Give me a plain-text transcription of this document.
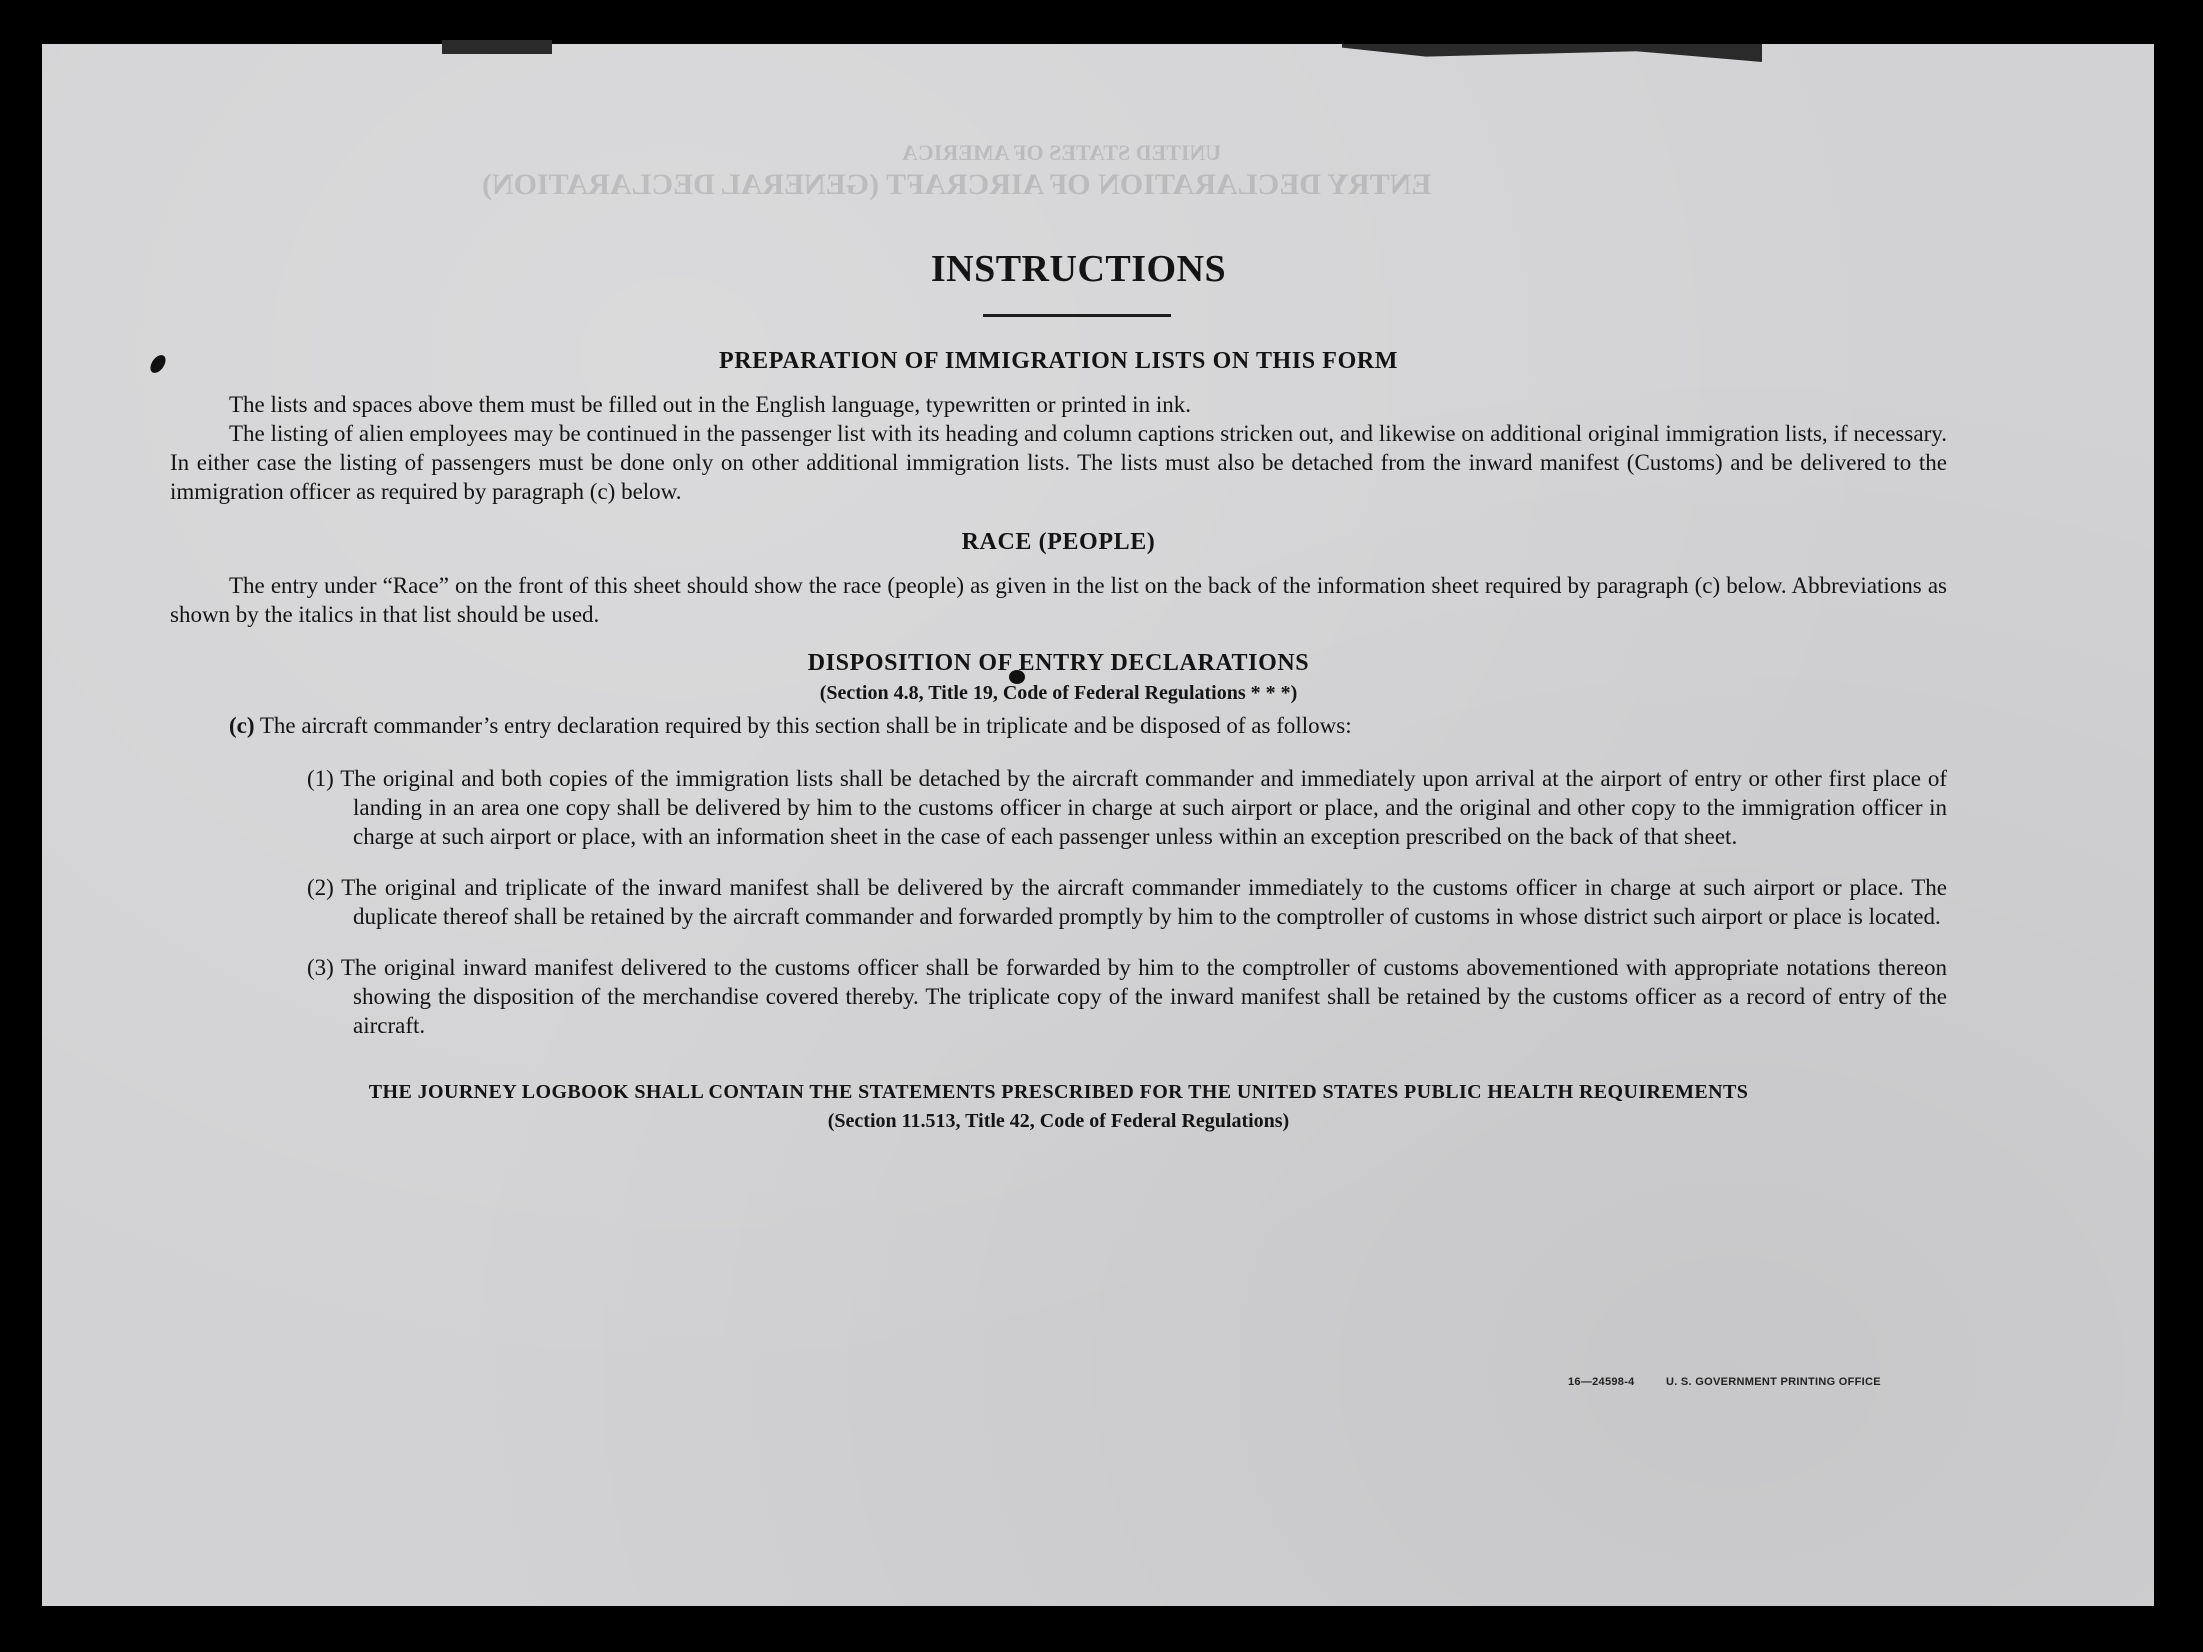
UNITED STATES OF AMERICA
ENTRY DECLARATION OF AIRCRAFT (GENERAL DECLARATION)
INSTRUCTIONS
PREPARATION OF IMMIGRATION LISTS ON THIS FORM

The lists and spaces above them must be filled out in the English language, typewritten or printed in ink.

The listing of alien employees may be continued in the passenger list with its heading and column captions stricken out, and likewise on additional original immigration lists, if necessary. In either case the listing of passengers must be done only on other additional immigration lists. The lists must also be detached from the inward manifest (Customs) and be delivered to the immigration officer as required by paragraph (c) below.

RACE (PEOPLE)

The entry under “Race” on the front of this sheet should show the race (people) as given in the list on the back of the information sheet required by paragraph (c) below. Abbreviations as shown by the italics in that list should be used.

DISPOSITION OF ENTRY DECLARATIONS
(Section 4.8, Title 19, Code of Federal Regulations * * *)

(c) The aircraft commander’s entry declaration required by this section shall be in triplicate and be disposed of as follows:

(1) The original and both copies of the immigration lists shall be detached by the aircraft commander and immediately upon arrival at the airport of entry or other first place of landing in an area one copy shall be delivered by him to the customs officer in charge at such airport or place, and the original and other copy to the immigration officer in charge at such airport or place, with an information sheet in the case of each passenger unless within an exception prescribed on the back of that sheet.

(2) The original and triplicate of the inward manifest shall be delivered by the aircraft commander immediately to the customs officer in charge at such airport or place. The duplicate thereof shall be retained by the aircraft commander and forwarded promptly by him to the comptroller of customs in whose district such airport or place is located.

(3) The original inward manifest delivered to the customs officer shall be forwarded by him to the comptroller of customs abovementioned with appropriate notations thereon showing the disposition of the merchandise covered thereby. The triplicate copy of the inward manifest shall be retained by the customs officer as a record of entry of the aircraft.

THE JOURNEY LOGBOOK SHALL CONTAIN THE STATEMENTS PRESCRIBED FOR THE UNITED STATES PUBLIC HEALTH REQUIREMENTS
(Section 11.513, Title 42, Code of Federal Regulations)
16—24598-4	U. S. GOVERNMENT PRINTING OFFICE
